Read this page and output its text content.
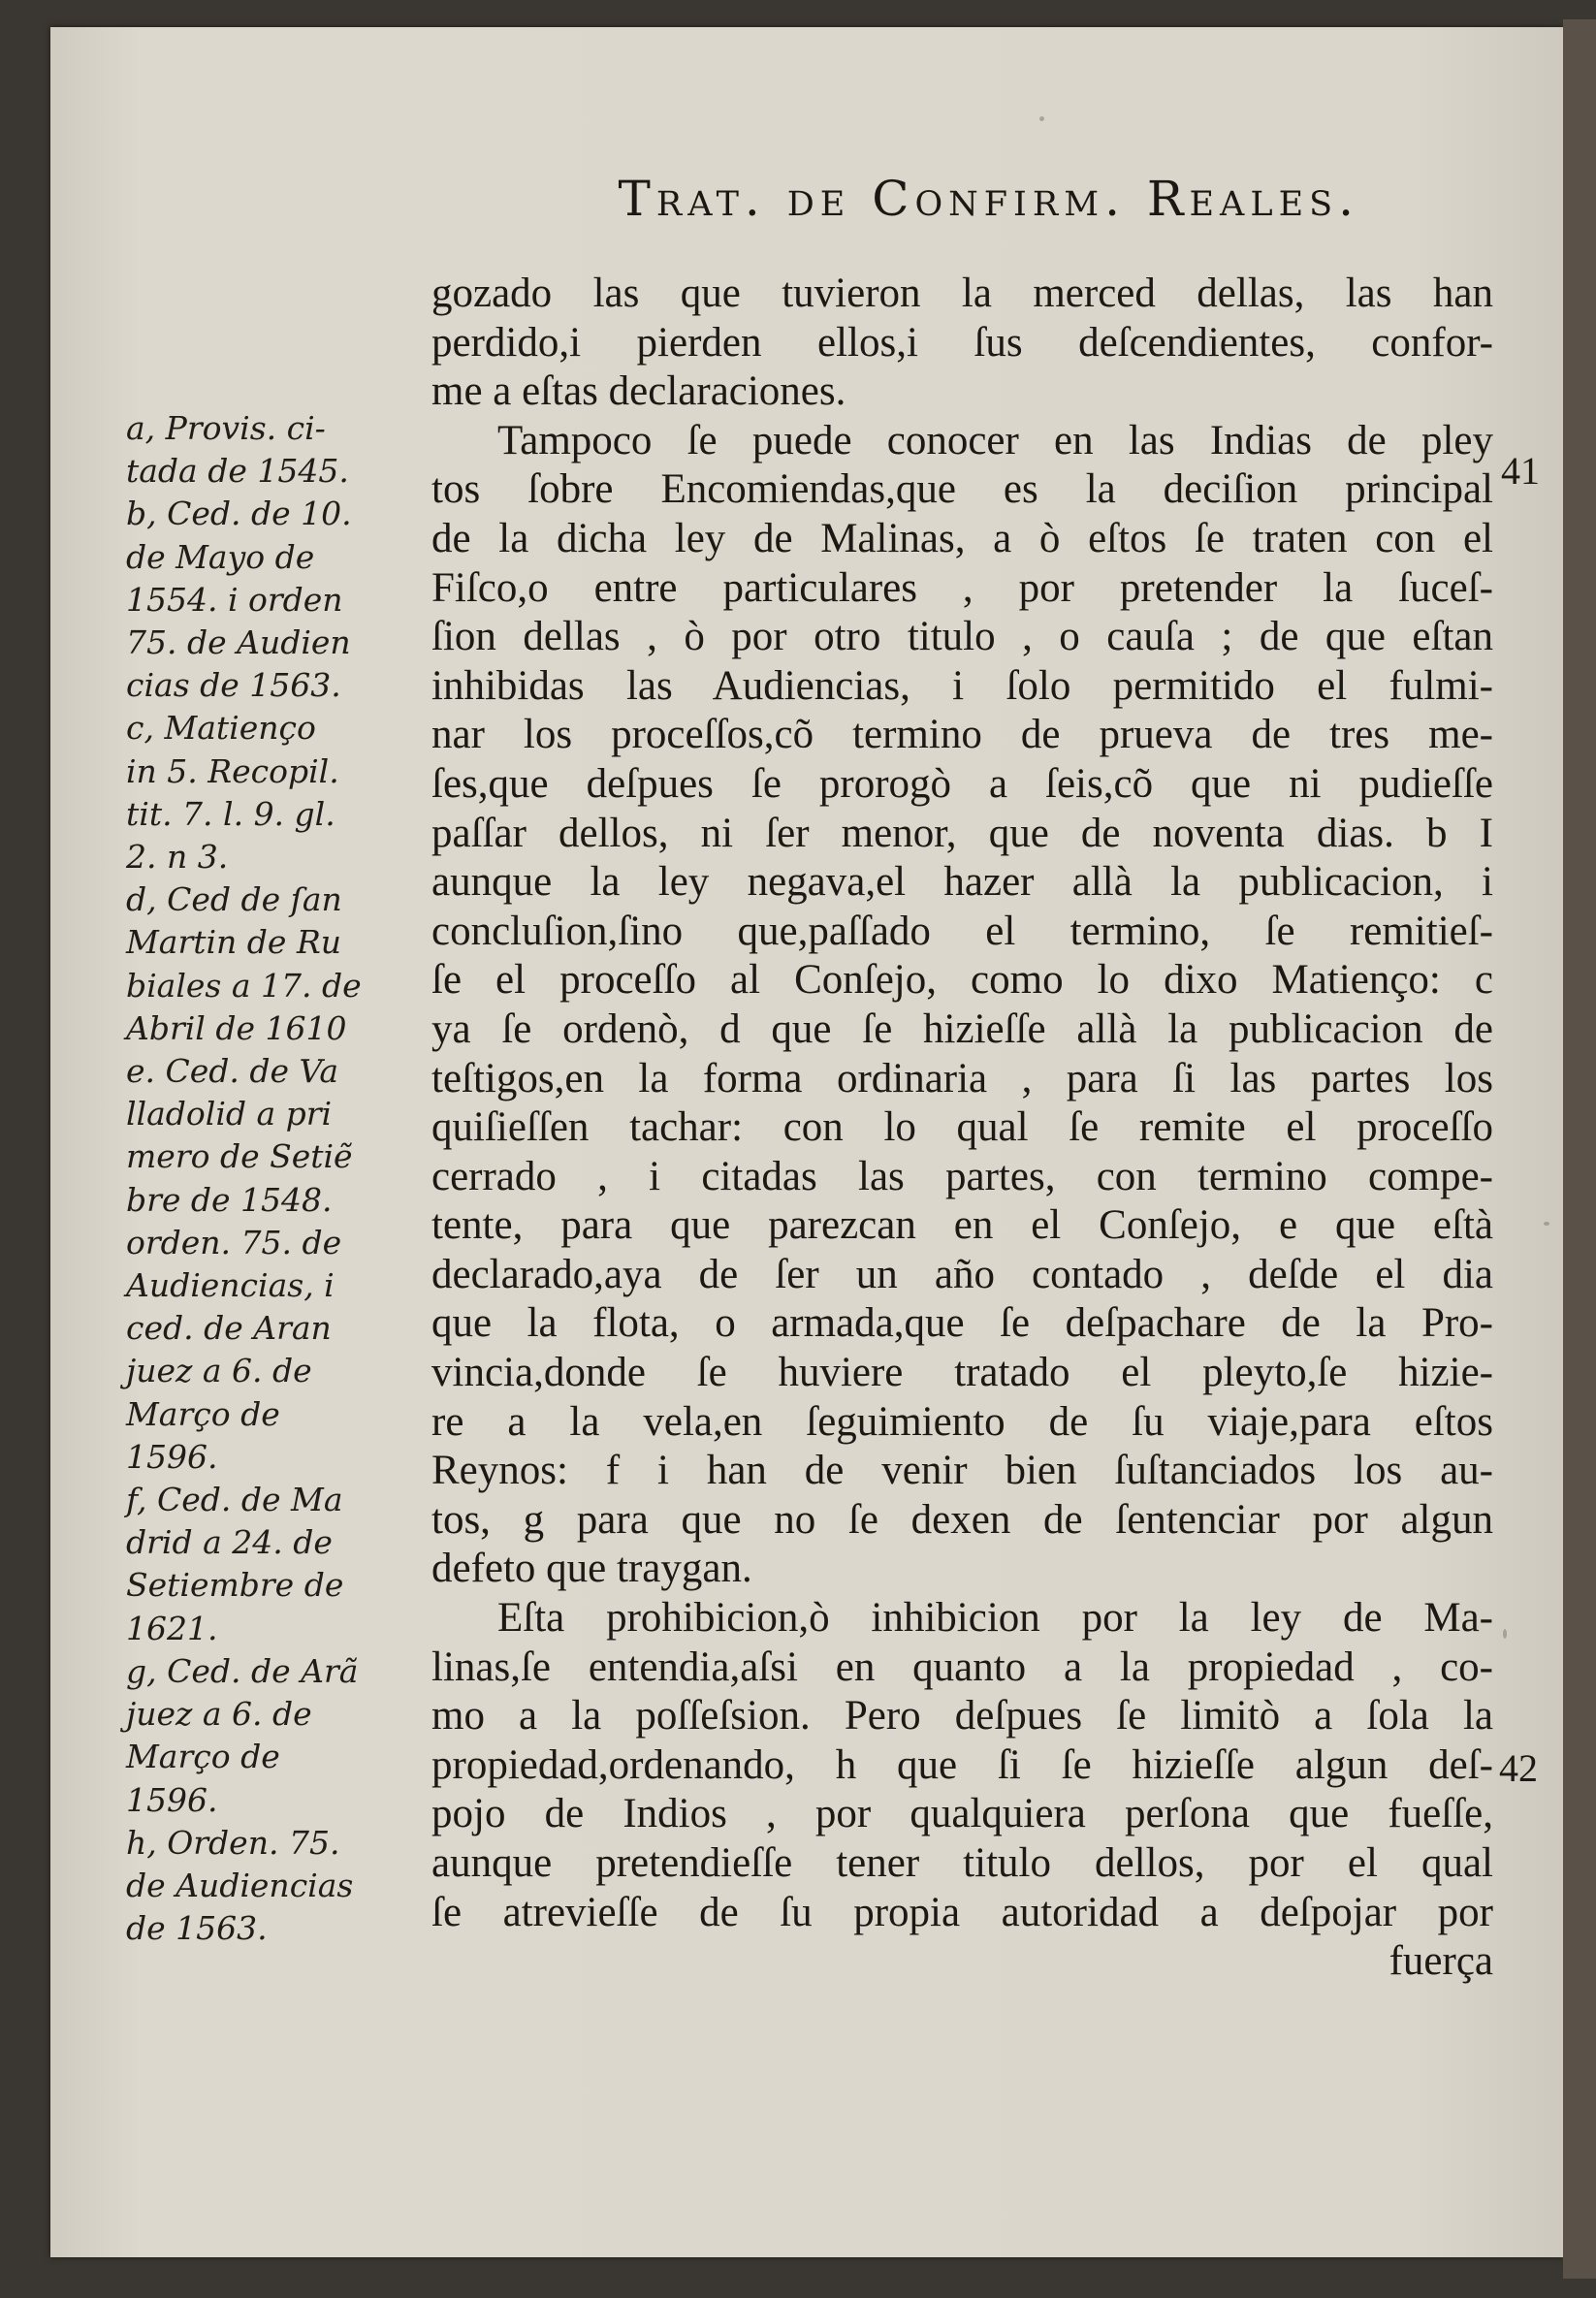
Trat. de Confirm. Reales.

a, Provis. ci-
tada de 1545.

b, Ced. de 10.
de Mayo de
1554. i orden
75. de Audien
cias de 1563.

c, Matienço
in 5. Recopil.
tit. 7. l. 9. gl.
2. n 3.

d, Ced de ſan
Martin de Ru
biales a 17. de
Abril de 1610

e. Ced. de Va
lladolid a pri
mero de Setiẽ
bre de 1548.
orden. 75. de
Audiencias, i
ced. de Aran
juez a 6. de
Março de
1596.

f, Ced. de Ma
drid a 24. de
Setiembre de
1621.

g, Ced. de Arã
juez a 6. de
Março de
1596.

h, Orden. 75.
de Audiencias
de 1563.

gozado las que tuvieron la merced dellas, las han
perdido,i pierden ellos,i ſus deſcendientes, confor-
me a eſtas declaraciones.
Tampoco ſe puede conocer en las Indias de pley
tos ſobre Encomiendas,que es la deciſion principal
de la dicha ley de Malinas, a ò eſtos ſe traten con el
Fiſco,o entre particulares , por pretender la ſuceſ-
ſion dellas , ò por otro titulo , o cauſa ; de que eſtan
inhibidas las Audiencias, i ſolo permitido el fulmi-
nar los proceſſos,cõ termino de prueva de tres me-
ſes,que deſpues ſe prorogò a ſeis,cõ que ni pudieſſe
paſſar dellos, ni ſer menor, que de noventa dias. b I
aunque la ley negava,el hazer allà la publicacion, i
concluſion,ſino que,paſſado el termino, ſe remitieſ-
ſe el proceſſo al Conſejo, como lo dixo Matienço: c
ya ſe ordenò, d que ſe hizieſſe allà la publicacion de
teſtigos,en la forma ordinaria , para ſi las partes los
quiſieſſen tachar: con lo qual ſe remite el proceſſo
cerrado , i citadas las partes, con termino compe-
tente, para que parezcan en el Conſejo, e que eſtà
declarado,aya de ſer un año contado , deſde el dia
que la flota, o armada,que ſe deſpachare de la Pro-
vincia,donde ſe huviere tratado el pleyto,ſe hizie-
re a la vela,en ſeguimiento de ſu viaje,para eſtos
Reynos: f i han de venir bien ſuſtanciados los au-
tos, g para que no ſe dexen de ſentenciar por algun
defeto que traygan.
Eſta prohibicion,ò inhibicion por la ley de Ma-
linas,ſe entendia,aſsi en quanto a la propiedad , co-
mo a la poſſeſsion. Pero deſpues ſe limitò a ſola la
propiedad,ordenando, h que ſi ſe hizieſſe algun deſ-
pojo de Indios , por qualquiera perſona que fueſſe,
aunque pretendieſſe tener titulo dellos, por el qual
ſe atrevieſſe de ſu propia autoridad a deſpojar por
fuerça
41
42
